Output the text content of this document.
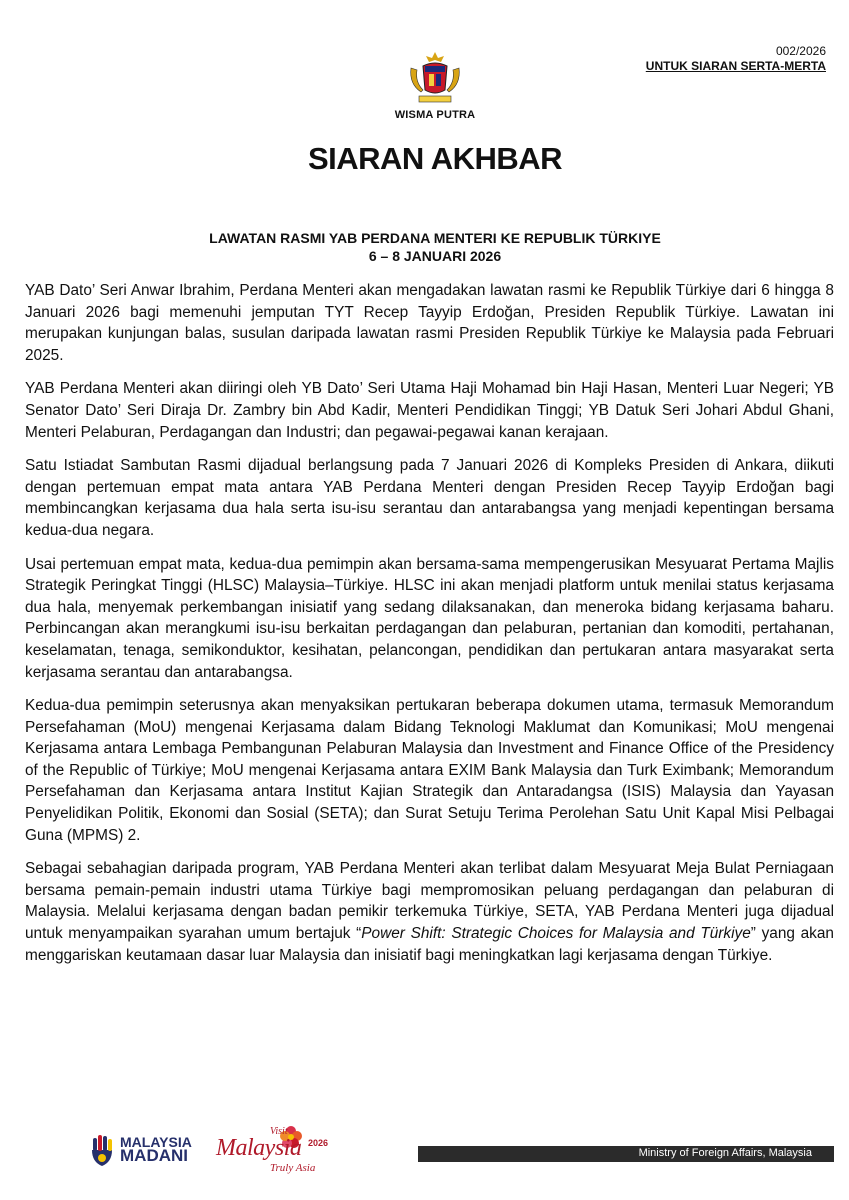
002/2026
UNTUK SIARAN SERTA-MERTA
WISMA PUTRA
SIARAN AKHBAR
LAWATAN RASMI YAB PERDANA MENTERI KE REPUBLIK TÜRKIYE
6 – 8 JANUARI 2026

YAB Dato’ Seri Anwar Ibrahim, Perdana Menteri akan mengadakan lawatan rasmi ke Republik Türkiye dari 6 hingga 8 Januari 2026 bagi memenuhi jemputan TYT Recep Tayyip Erdoğan, Presiden Republik Türkiye. Lawatan ini merupakan kunjungan balas, susulan daripada lawatan rasmi Presiden Republik Türkiye ke Malaysia pada Februari 2025.

YAB Perdana Menteri akan diiringi oleh YB Dato’ Seri Utama Haji Mohamad bin Haji Hasan, Menteri Luar Negeri; YB Senator Dato’ Seri Diraja Dr. Zambry bin Abd Kadir, Menteri Pendidikan Tinggi; YB Datuk Seri Johari Abdul Ghani, Menteri Pelaburan, Perdagangan dan Industri; dan pegawai-pegawai kanan kerajaan.

Satu Istiadat Sambutan Rasmi dijadual berlangsung pada 7 Januari 2026 di Kompleks Presiden di Ankara, diikuti dengan pertemuan empat mata antara YAB Perdana Menteri dengan Presiden Recep Tayyip Erdoğan bagi membincangkan kerjasama dua hala serta isu-isu serantau dan antarabangsa yang menjadi kepentingan bersama kedua-dua negara.

Usai pertemuan empat mata, kedua-dua pemimpin akan bersama-sama mempengerusikan Mesyuarat Pertama Majlis Strategik Peringkat Tinggi (HLSC) Malaysia–Türkiye. HLSC ini akan menjadi platform untuk menilai status kerjasama dua hala, menyemak perkembangan inisiatif yang sedang dilaksanakan, dan meneroka bidang kerjasama baharu. Perbincangan akan merangkumi isu-isu berkaitan perdagangan dan pelaburan, pertanian dan komoditi, pertahanan, keselamatan, tenaga, semikonduktor, kesihatan, pelancongan, pendidikan dan pertukaran antara masyarakat serta kerjasama serantau dan antarabangsa.

Kedua-dua pemimpin seterusnya akan menyaksikan pertukaran beberapa dokumen utama, termasuk Memorandum Persefahaman (MoU) mengenai Kerjasama dalam Bidang Teknologi Maklumat dan Komunikasi; MoU mengenai Kerjasama antara Lembaga Pembangunan Pelaburan Malaysia dan Investment and Finance Office of the Presidency of the Republic of Türkiye; MoU mengenai Kerjasama antara EXIM Bank Malaysia dan Turk Eximbank; Memorandum Persefahaman dan Kerjasama antara Institut Kajian Strategik dan Antaradangsa (ISIS) Malaysia dan Yayasan Penyelidikan Politik, Ekonomi dan Sosial (SETA); dan Surat Setuju Terima Perolehan Satu Unit Kapal Misi Pelbagai Guna (MPMS) 2.

Sebagai sebahagian daripada program, YAB Perdana Menteri akan terlibat dalam Mesyuarat Meja Bulat Perniagaan bersama pemain-pemain industri utama Türkiye bagi mempromosikan peluang perdagangan dan pelaburan di Malaysia. Melalui kerjasama dengan badan pemikir terkemuka Türkiye, SETA, YAB Perdana Menteri juga dijadual untuk menyampaikan syarahan umum bertajuk “Power Shift: Strategic Choices for Malaysia and Türkiye” yang akan menggariskan keutamaan dasar luar Malaysia dan inisiatif bagi meningkatkan lagi kerjasama dengan Türkiye.

MALAYSIA
MADANI
Visit
Malaysia 2026
Truly Asia
Ministry of Foreign Affairs, Malaysia
